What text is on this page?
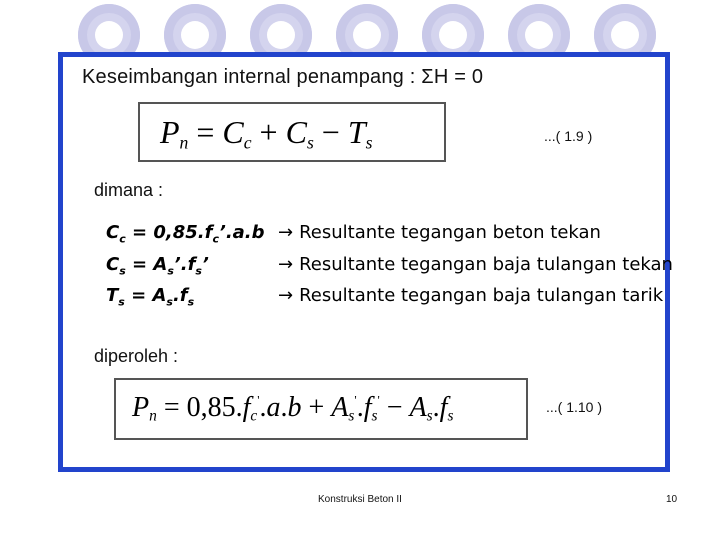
Keseimbangan internal penampang : ΣH = 0
$P_n = C_c + C_s - T_s$	...( 1.9 )
dimana :
$C_c$ = $0,85.f_c’.a.b$ → Resultante tegangan beton tekan
$C_s$ = $A_s’.f_s$’	→ Resultante tegangan baja tulangan tekan
$T_s = A_s.f_s$	→ Resultante tegangan baja tulangan tarik
diperoleh :
$P_n = 0,85.f_c'.a.b + A_s'.f_s' - A_s.f_s$
...( 1.10 )
Konstruksi Beton II	10
